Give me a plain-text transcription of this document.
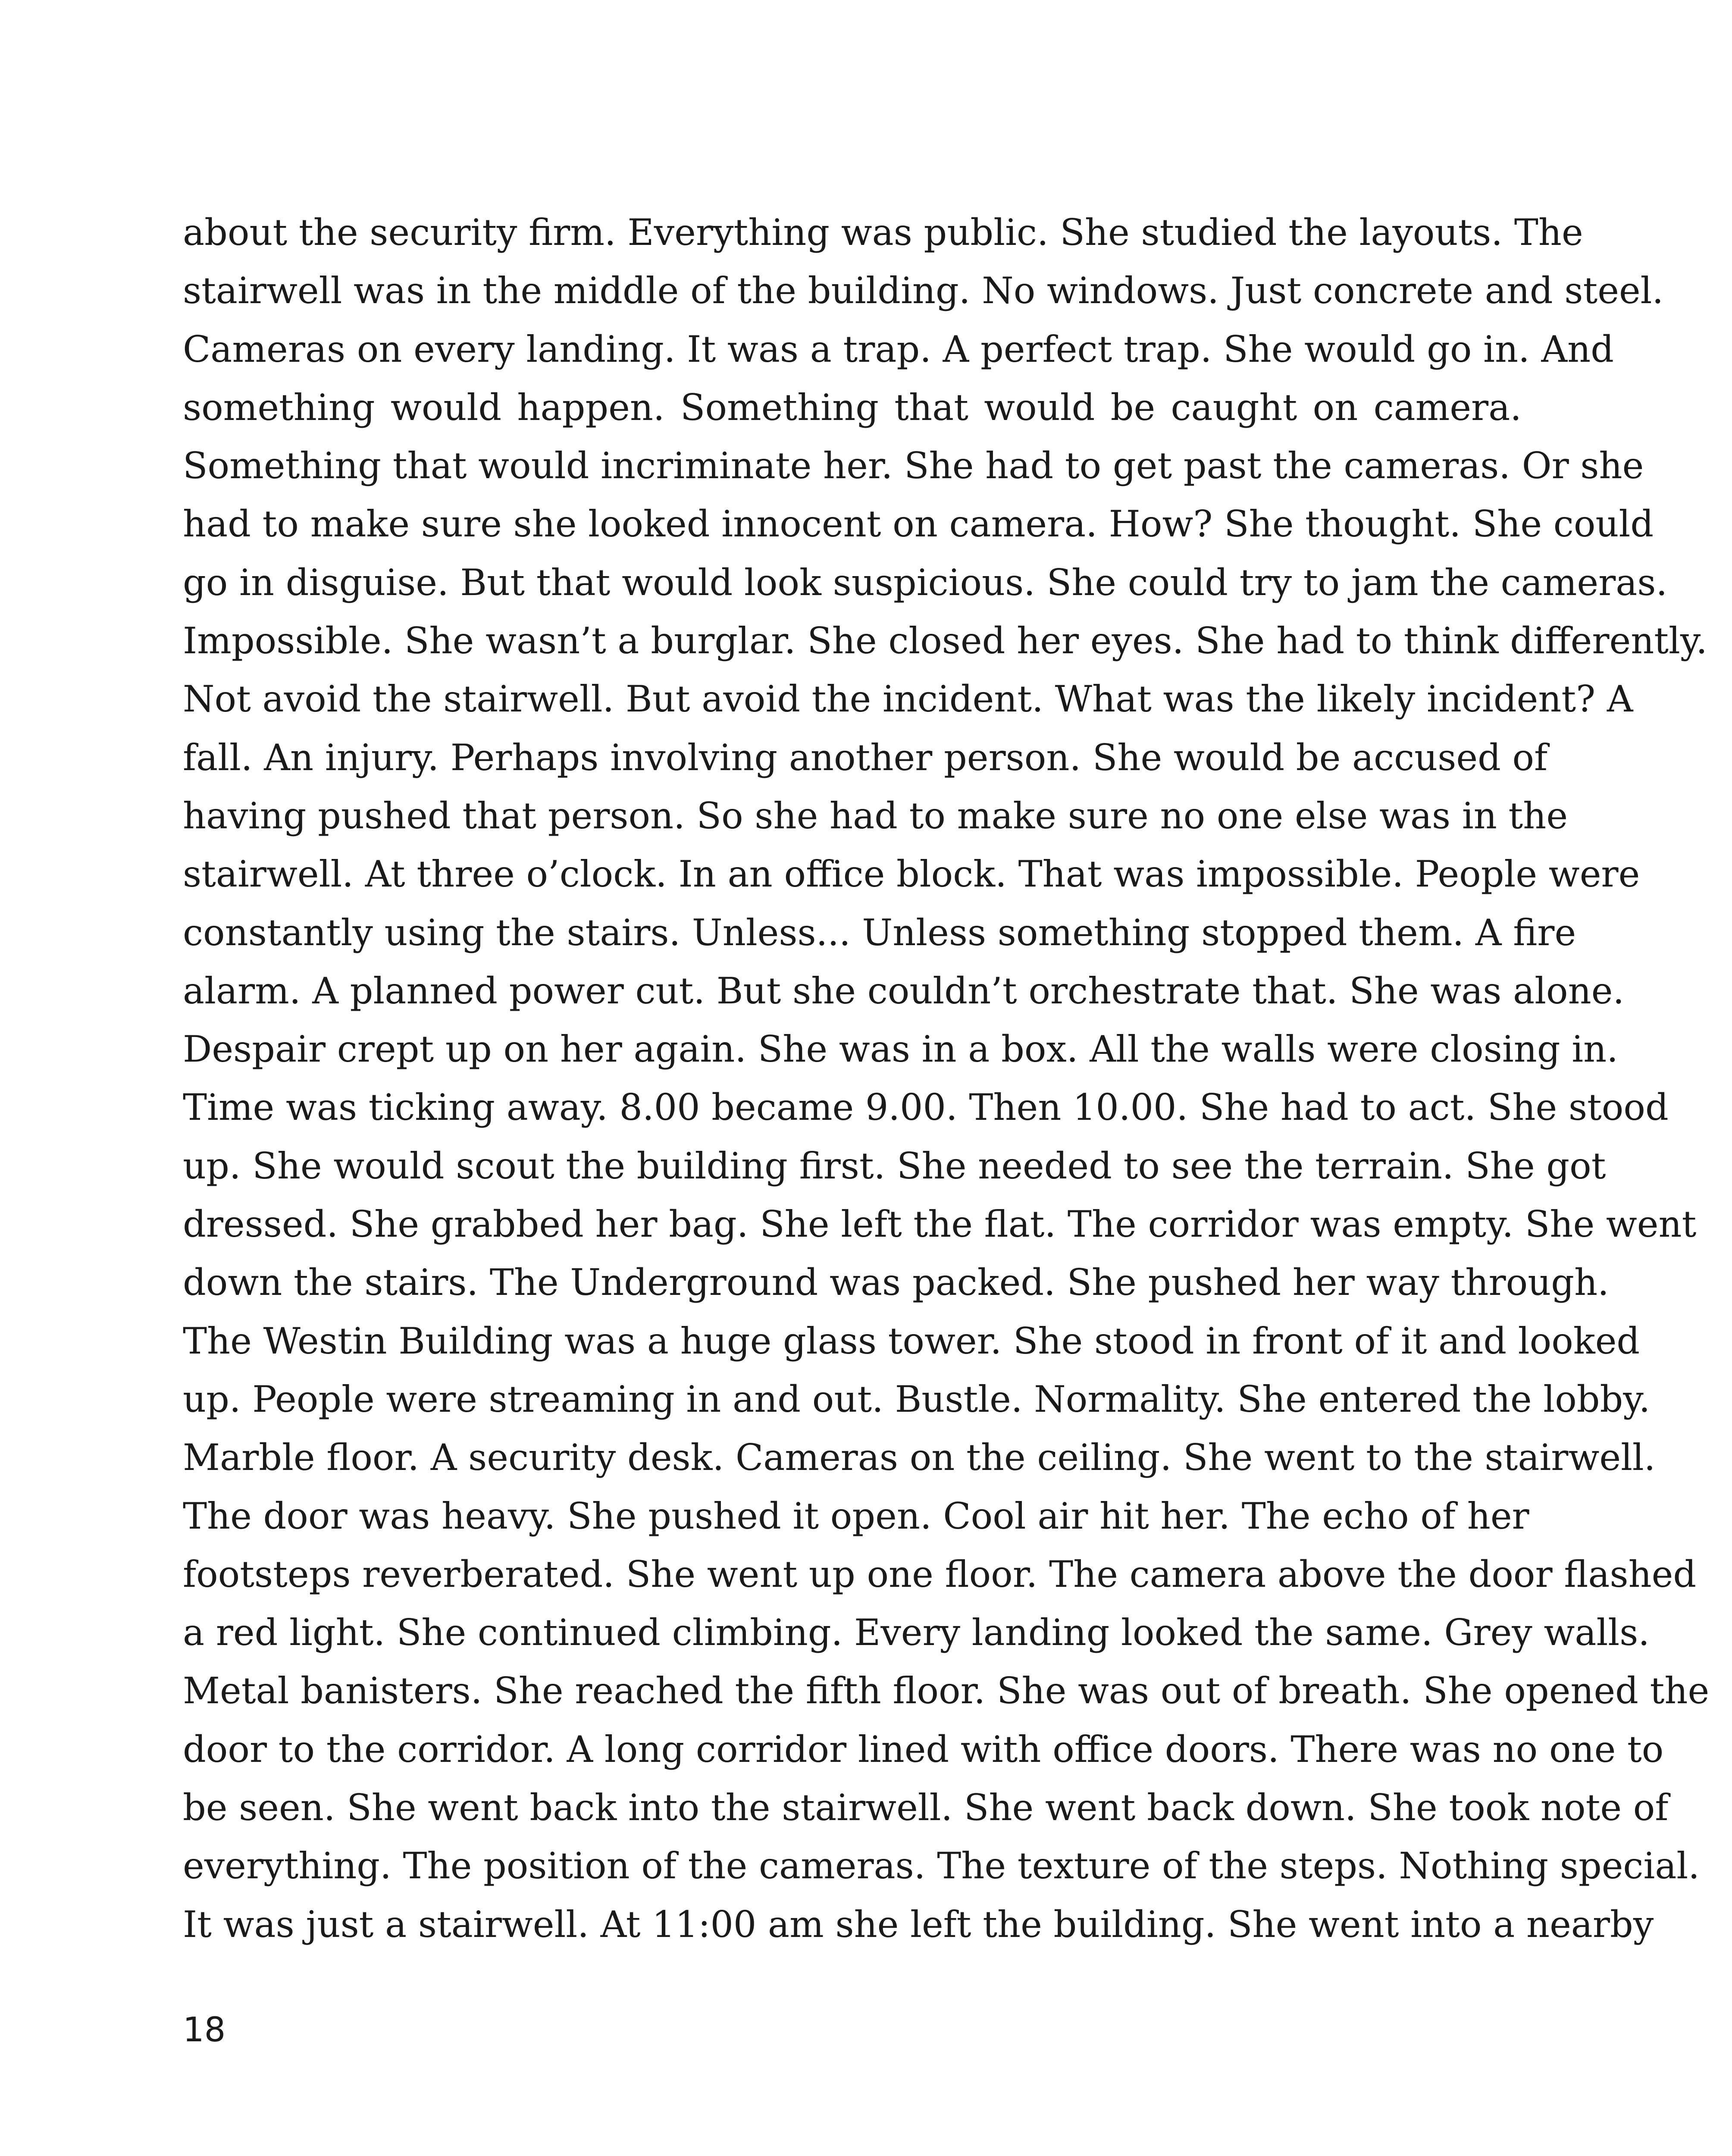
about the security firm. Everything was public. She studied the layouts. The
stairwell was in the middle of the building. No windows. Just concrete and steel.
Cameras on every landing. It was a trap. A perfect trap. She would go in. And
something would happen. Something that would be caught on camera.
Something that would incriminate her. She had to get past the cameras. Or she
had to make sure she looked innocent on camera. How? She thought. She could
go in disguise. But that would look suspicious. She could try to jam the cameras.
Impossible. She wasn’t a burglar. She closed her eyes. She had to think differently.
Not avoid the stairwell. But avoid the incident. What was the likely incident? A
fall. An injury. Perhaps involving another person. She would be accused of
having pushed that person. So she had to make sure no one else was in the
stairwell. At three o’clock. In an office block. That was impossible. People were
constantly using the stairs. Unless... Unless something stopped them. A fire
alarm. A planned power cut. But she couldn’t orchestrate that. She was alone.
Despair crept up on her again. She was in a box. All the walls were closing in.
Time was ticking away. 8.00 became 9.00. Then 10.00. She had to act. She stood
up. She would scout the building first. She needed to see the terrain. She got
dressed. She grabbed her bag. She left the flat. The corridor was empty. She went
down the stairs. The Underground was packed. She pushed her way through.
The Westin Building was a huge glass tower. She stood in front of it and looked
up. People were streaming in and out. Bustle. Normality. She entered the lobby.
Marble floor. A security desk. Cameras on the ceiling. She went to the stairwell.
The door was heavy. She pushed it open. Cool air hit her. The echo of her
footsteps reverberated. She went up one floor. The camera above the door flashed
a red light. She continued climbing. Every landing looked the same. Grey walls.
Metal banisters. She reached the fifth floor. She was out of breath. She opened the
door to the corridor. A long corridor lined with office doors. There was no one to
be seen. She went back into the stairwell. She went back down. She took note of
everything. The position of the cameras. The texture of the steps. Nothing special.
It was just a stairwell. At 11:00 am she left the building. She went into a nearby
18
